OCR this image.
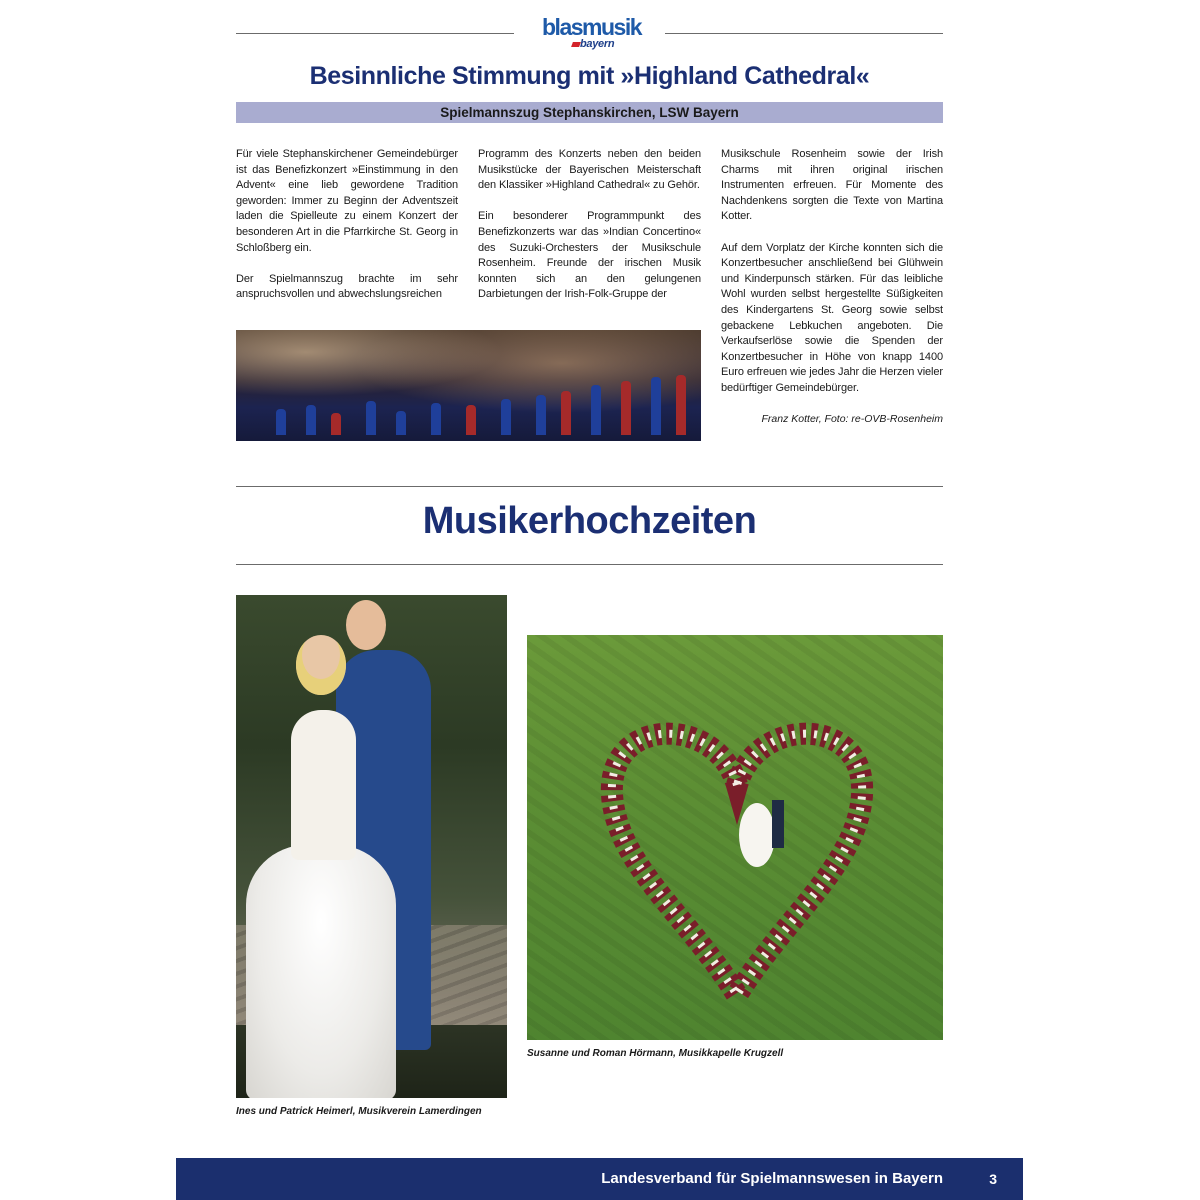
blasmusik
bayern
Besinnliche Stimmung mit »Highland Cathedral«
Spielmannszug Stephanskirchen, LSW Bayern

Für viele Stephanskirchener Gemeindebürger ist das Benefizkonzert »Einstimmung in den Advent« eine lieb gewordene Tradition geworden: Immer zu Beginn der Adventszeit laden die Spielleute zu einem Konzert der besonderen Art in die Pfarrkirche St. Georg in Schloßberg ein.

Der Spielmannszug brachte im sehr anspruchsvollen und abwechslungsreichen

Programm des Konzerts neben den beiden Musikstücke der Bayerischen Meisterschaft den Klassiker »Highland Cathedral« zu Gehör.

Ein besonderer Programmpunkt des Benefizkonzerts war das »Indian Concertino« des Suzuki-Orchesters der Musikschule Rosenheim. Freunde der irischen Musik konnten sich an den gelungenen Darbietungen der Irish-Folk-Gruppe der

Musikschule Rosenheim sowie der Irish Charms mit ihren original irischen Instrumenten erfreuen. Für Momente des Nachdenkens sorgten die Texte von Martina Kotter.

Auf dem Vorplatz der Kirche konnten sich die Konzertbesucher anschließend bei Glühwein und Kinderpunsch stärken. Für das leibliche Wohl wurden selbst hergestellte Süßigkeiten des Kindergartens St. Georg sowie selbst gebackene Lebkuchen angeboten. Die Verkaufserlöse sowie die Spenden der Konzertbesucher in Höhe von knapp 1400 Euro erfreuen wie jedes Jahr die Herzen vieler bedürftiger Gemeindebürger.

Franz Kotter, Foto: re-OVB-Rosenheim
Musikerhochzeiten
Ines und Patrick Heimerl, Musikverein Lamerdingen
Susanne und Roman Hörmann, Musikkapelle Krugzell
Landesverband für Spielmannswesen in Bayern	3
